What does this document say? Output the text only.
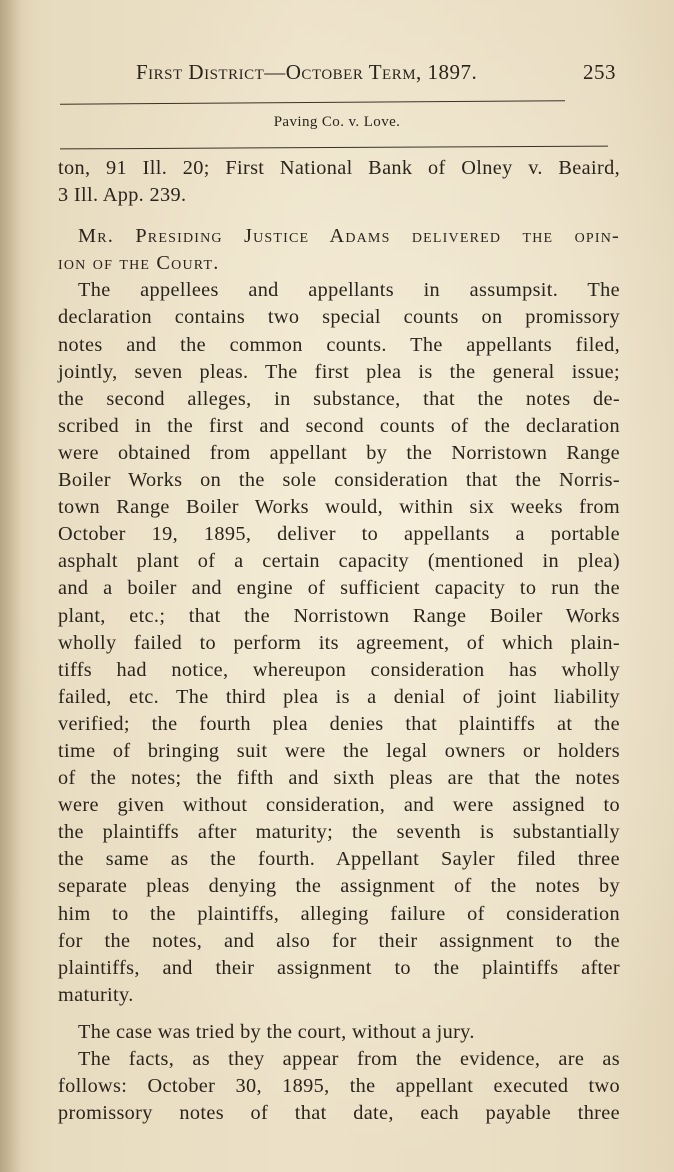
First District—October Term, 1897.	253
Paving Co. v. Love.
ton, 91 Ill. 20; First National Bank of Olney v. Beaird,
3 Ill. App. 239.
Mr. Presiding Justice Adams delivered the opin-
ion of the Court.
The appellees and appellants in assumpsit. The
declaration contains two special counts on promissory
notes and the common counts. The appellants filed,
jointly, seven pleas. The first plea is the general issue;
the second alleges, in substance, that the notes de-
scribed in the first and second counts of the declaration
were obtained from appellant by the Norristown Range
Boiler Works on the sole consideration that the Norris-
town Range Boiler Works would, within six weeks from
October 19, 1895, deliver to appellants a portable
asphalt plant of a certain capacity (mentioned in plea)
and a boiler and engine of sufficient capacity to run the
plant, etc.; that the Norristown Range Boiler Works
wholly failed to perform its agreement, of which plain-
tiffs had notice, whereupon consideration has wholly
failed, etc. The third plea is a denial of joint liability
verified; the fourth plea denies that plaintiffs at the
time of bringing suit were the legal owners or holders
of the notes; the fifth and sixth pleas are that the notes
were given without consideration, and were assigned to
the plaintiffs after maturity; the seventh is substantially
the same as the fourth. Appellant Sayler filed three
separate pleas denying the assignment of the notes by
him to the plaintiffs, alleging failure of consideration
for the notes, and also for their assignment to the
plaintiffs, and their assignment to the plaintiffs after
maturity.
The case was tried by the court, without a jury.
The facts, as they appear from the evidence, are as
follows: October 30, 1895, the appellant executed two
promissory notes of that date, each payable three
